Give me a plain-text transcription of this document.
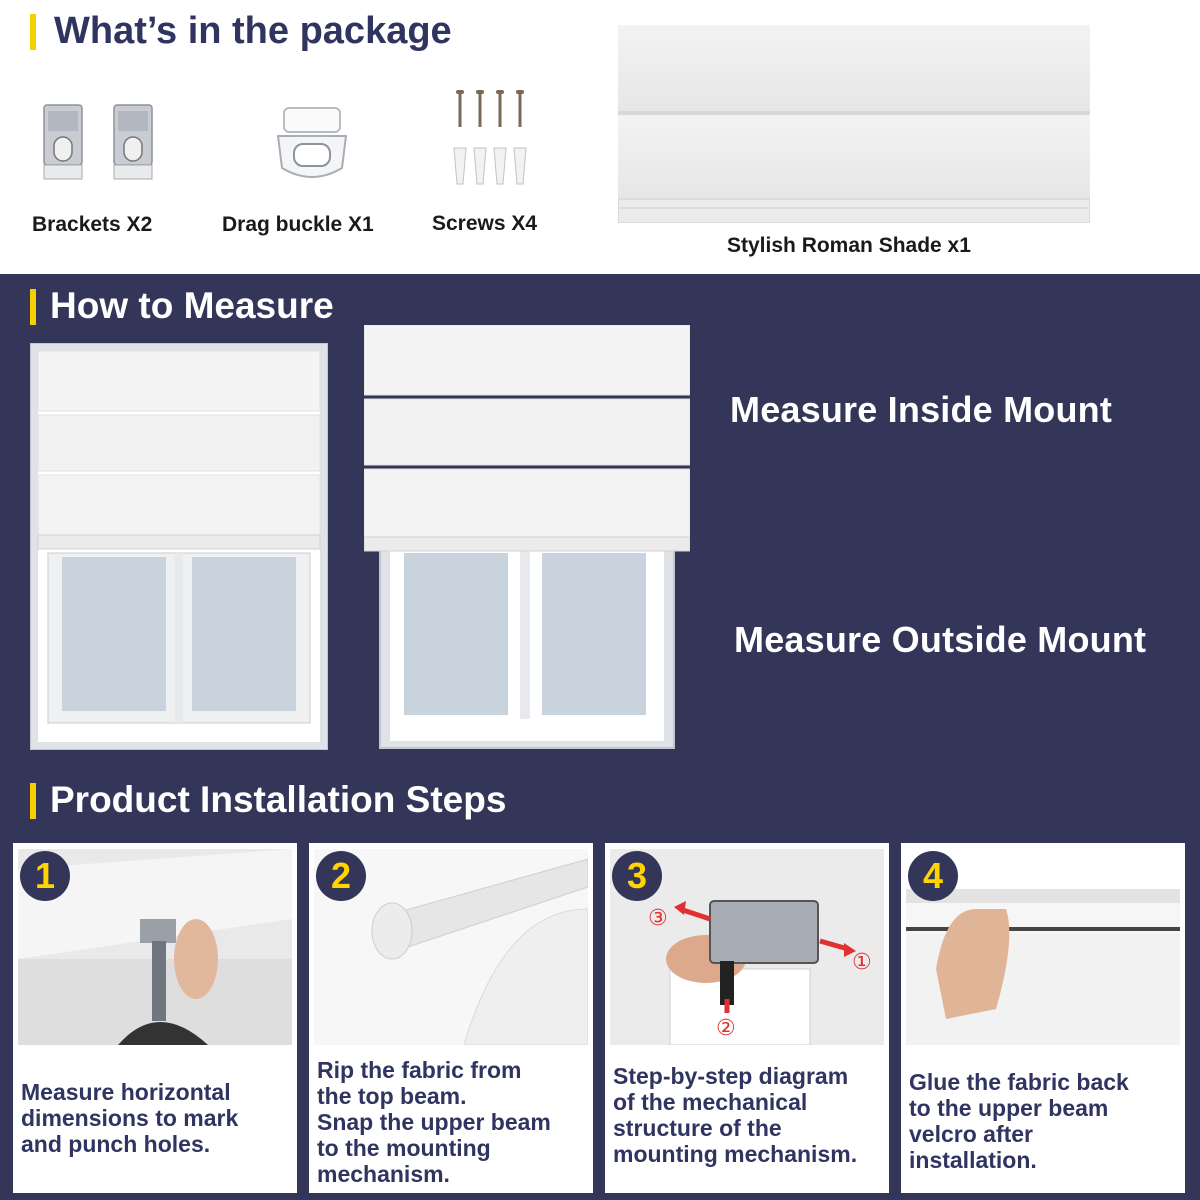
What’s in the package
Brackets X2	Drag buckle X1	Screws X4
Stylish Roman Shade x1
How to Measure
Measure Inside Mount
Measure Outside Mount
Product Installation Steps
1

Measure horizontal
dimensions to mark
and punch holes.

2

Rip the fabric from
the top beam.
Snap the upper beam
to the mounting
mechanism.

③
①
②
3

Step-by-step diagram
of the mechanical
structure of the
mounting mechanism.

4

Glue the fabric back
to the upper beam
velcro after
installation.
